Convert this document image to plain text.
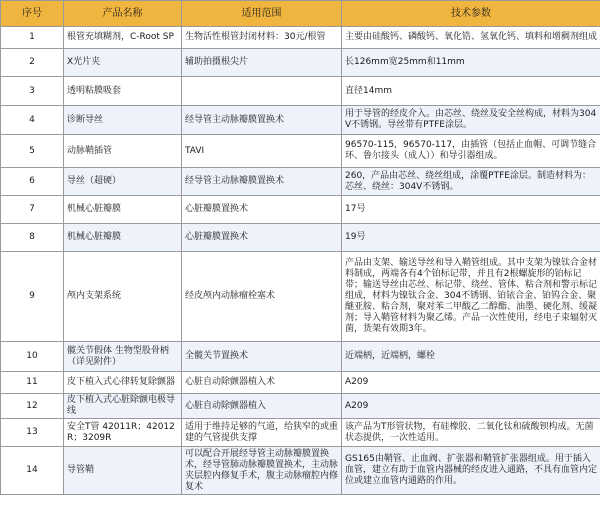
序号	产品名称	适用范围	技术参数
1	根管充填糊剂，C-Root SP	生物活性根管封闭材料：30元/根管	主要由硅酸钙、磷酸钙、氧化锆、氢氧化钙、填料和增稠剂组成
2	X光片夹	辅助拍摄根尖片	长126mm宽25mm和11mm
3	透明粘膜吸套		直径14mm
4	诊断导丝	经导管主动脉瓣膜置换术	用于导管的经皮介入。由芯丝、绕丝及安全丝构成，材料为304V不锈钢。导丝带有PTFE涂层。
5	动脉鞘插管	TAVI	96570-115，96570-117，由插管（包括止血帽、可调节缝合环、鲁尔接头（成人））和导引器组成。
6	导丝（超硬）	经导管主动脉瓣膜置换术	260，产品由芯丝、绕丝组成，涂覆PTFE涂层。制造材料为：芯丝、绕丝：304V不锈钢。
7	机械心脏瓣膜	心脏瓣膜置换术	17号
8	机械心脏瓣膜	心脏瓣膜置换术	19号
9	颅内支架系统	经皮颅内动脉瘤栓塞术	产品由支架、输送导丝和导入鞘管组成。其中支架为镍钛合金材料制成，两端各有4个铂标记带，并且有2根螺旋形的铂标记带；输送导丝由芯丝、标记带、绕丝、管体、粘合剂和警示标记组成，材料为镍钛合金、304不锈钢、铂铱合金、铂钨合金、聚醚亚胺、粘合剂，聚对苯二甲酸乙二醇酯、油墨、硬化剂、缓凝剂；导入鞘管材料为聚乙烯。产品一次性使用，经电子束辐射灭菌，货架有效期3年。
10	髋关节假体 生物型股骨柄（详见附件）	全髋关节置换术	近端柄，近端柄，螺栓
11	皮下植入式心律转复除颤器	心脏自动除颤器植入术	A209
12	皮下植入式心脏除颤电极导线	心脏自动除颤器植入	A209
13	安全T管 42011R；42012R；3209R	适用于维持足够的气道，给狭窄的或重建的气管提供支撑	该产品为T形管状物，有硅橡胶、二氧化钛和硫酸钡构成。无菌状态提供，一次性适用。
14	导管鞘	可以配合开展经导管主动脉瓣膜置换术，经导管肺动脉瓣膜置换术，主动脉夹层腔内修复手术，腹主动脉瘤腔内修复术	GS165由鞘管、止血阀、扩张器和鞘管扩张器组成。用于插入血管，建立有助于血管内器械的经皮进入通路，不具有血管内定位或建立血管内通路的作用。
